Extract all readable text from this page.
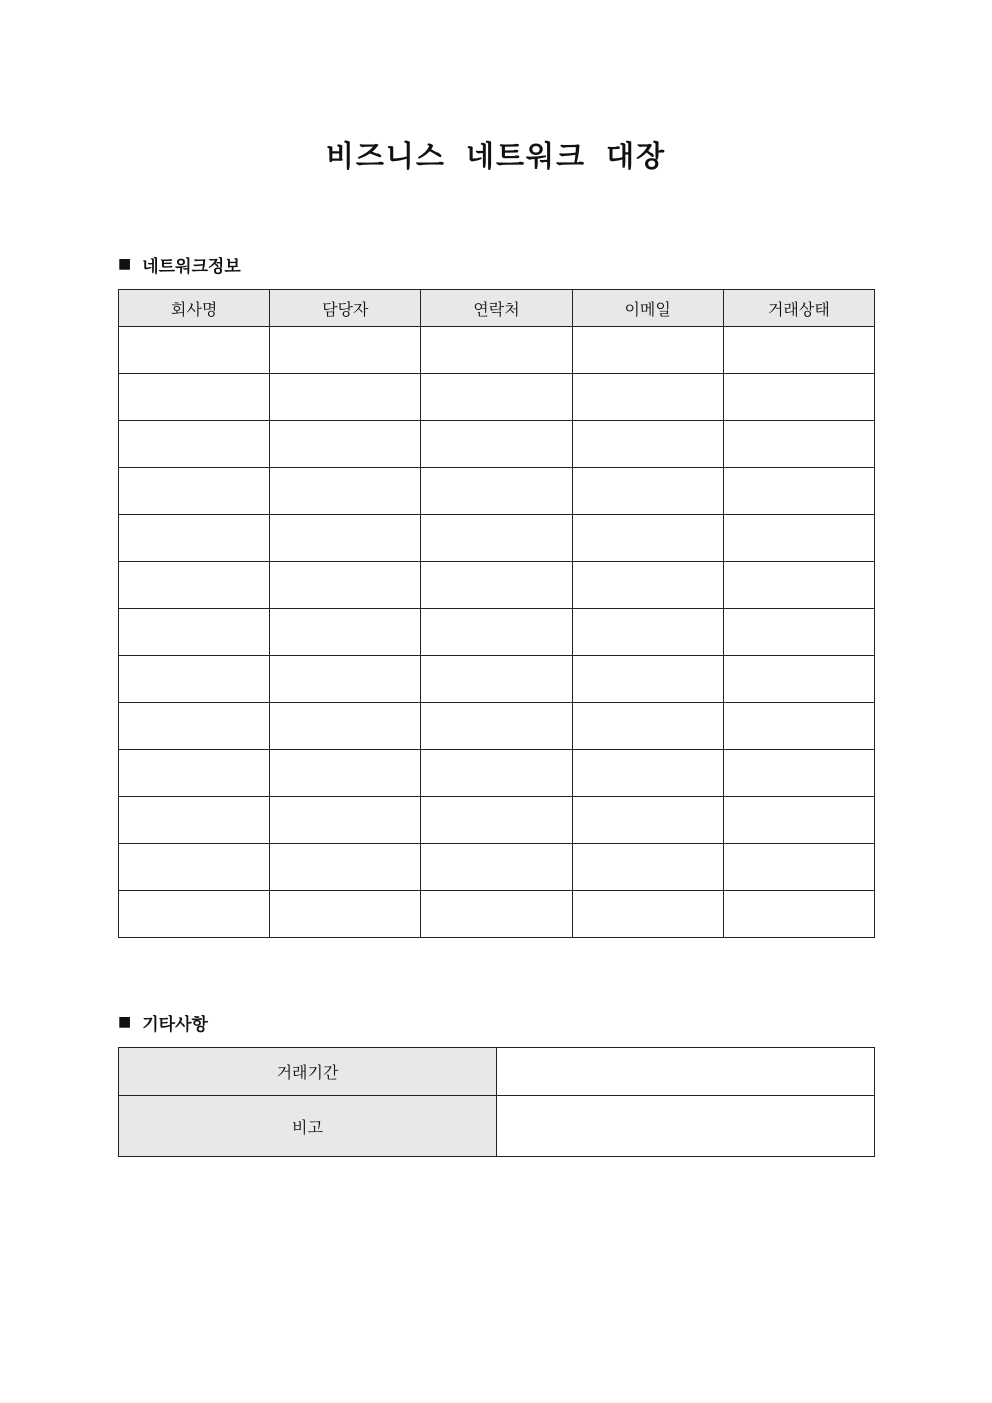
비즈니스 네트워크 대장
■ 네트워크정보
회사명	담당자	연락처	이메일	거래상태

■ 기타사항
거래기간	
비고	
